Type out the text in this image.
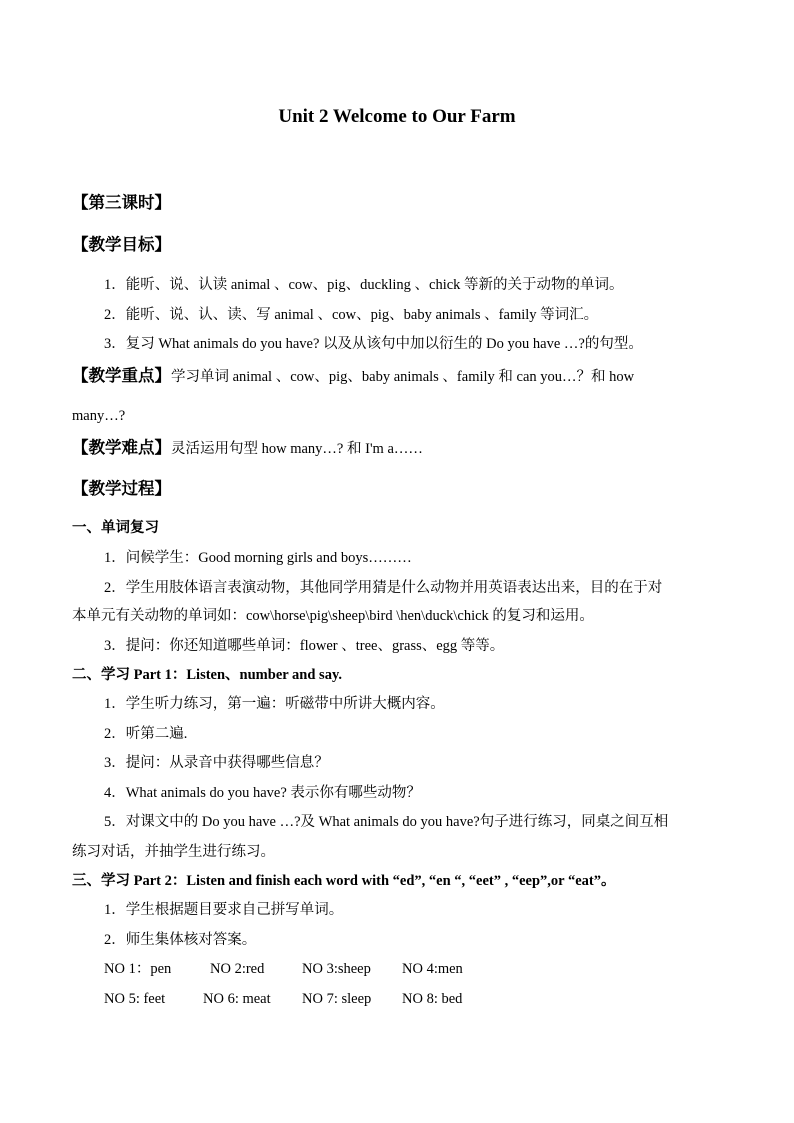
Unit 2 Welcome to Our Farm
【第三课时】
【教学目标】
1．能听、说、认读 animal 、cow、pig、duckling 、chick 等新的关于动物的单词。
2．能听、说、认、读、写 animal 、cow、pig、baby animals 、family 等词汇。
3．复习 What animals do you have? 以及从该句中加以衍生的 Do you have …?的句型。
【教学重点】学习单词 animal 、cow、pig、baby animals 、family 和 can you…？和 how
many…?
【教学难点】灵活运用句型 how many…? 和 I'm a……
【教学过程】
一、单词复习
1．问候学生：Good morning girls and boys………
2．学生用肢体语言表演动物，其他同学用猜是什么动物并用英语表达出来，目的在于对
本单元有关动物的单词如：cow\horse\pig\sheep\bird \hen\duck\chick 的复习和运用。
3．提问：你还知道哪些单词：flower 、tree、grass、egg 等等。
二、学习 Part 1：Listen、number and say.
1．学生听力练习，第一遍：听磁带中所讲大概内容。
2．听第二遍.
3．提问：从录音中获得哪些信息？
4．What animals do you have? 表示你有哪些动物？
5．对课文中的 Do you have …?及 What animals do you have?句子进行练习，同桌之间互相
练习对话，并抽学生进行练习。
三、学习 Part 2：Listen and finish each word with “ed”, “en “, “eet” , “eep”,or “eat”。
1．学生根据题目要求自己拼写单词。
2．师生集体核对答案。
NO 1：pen	NO 2:red	NO 3:sheep NO 4:men
NO 5: feet	NO 6: meat NO 7: sleep NO 8: bed
